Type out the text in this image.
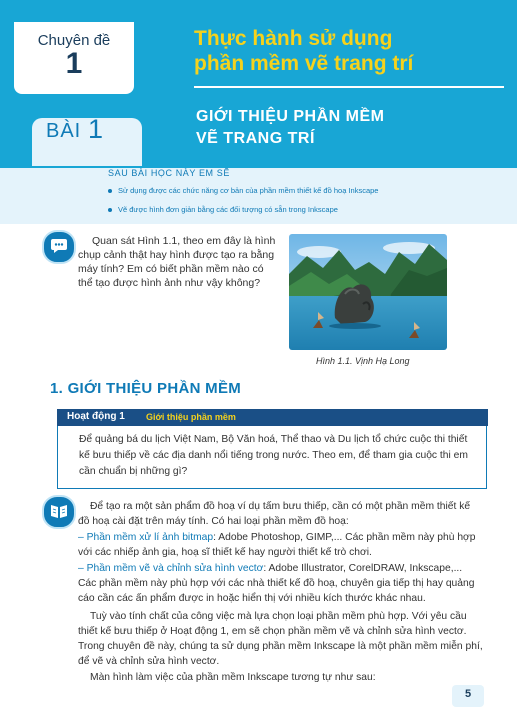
Chuyên đề
1
Thực hành sử dụng
phần mềm vẽ trang trí
BÀI 1	GIỚI THIỆU PHẦN MỀM
VẼ TRANG TRÍ
SAU BÀI HỌC NÀY EM SẼ
Sử dụng được các chức năng cơ bản của phần mềm thiết kế đồ hoạ Inkscape
Vẽ được hình đơn giản bằng các đối tượng có sẵn trong Inkscape
Quan sát Hình 1.1, theo em đây là hình chụp cảnh thật hay hình được tạo ra bằng máy tính? Em có biết phần mềm nào có thể tạo được hình ảnh như vậy không?
Hình 1.1. Vịnh Hạ Long
1. GIỚI THIỆU PHẦN MỀM
Hoạt động 1 Giới thiệu phần mềm
Để quảng bá du lịch Việt Nam, Bộ Văn hoá, Thể thao và Du lịch tổ chức cuộc thi thiết kế bưu thiếp về các địa danh nổi tiếng trong nước. Theo em, để tham gia cuộc thi em cần chuẩn bị những gì?
Để tạo ra một sản phẩm đồ hoạ ví dụ tấm bưu thiếp, cần có một phần mềm thiết kế đồ hoạ cài đặt trên máy tính. Có hai loại phần mềm đồ hoạ:
– Phần mềm xử lí ảnh bitmap: Adobe Photoshop, GIMP,... Các phần mềm này phù hợp với các nhiếp ảnh gia, hoạ sĩ thiết kế hay người thiết kế trò chơi.
– Phần mềm vẽ và chỉnh sửa hình vectơ: Adobe Illustrator, CorelDRAW, Inkscape,... Các phần mềm này phù hợp với các nhà thiết kế đồ hoạ, chuyên gia tiếp thị hay quảng cáo cần các ấn phẩm được in hoặc hiển thị với nhiều kích thước khác nhau.
Tuỳ vào tính chất của công việc mà lựa chọn loại phần mềm phù hợp. Với yêu cầu thiết kế bưu thiếp ở Hoạt động 1, em sẽ chọn phần mềm vẽ và chỉnh sửa hình vectơ. Trong chuyên đề này, chúng ta sử dụng phần mềm Inkscape là một phần mềm miễn phí, để vẽ và chỉnh sửa hình vectơ.
Màn hình làm việc của phần mềm Inkscape tương tự như sau:
5
